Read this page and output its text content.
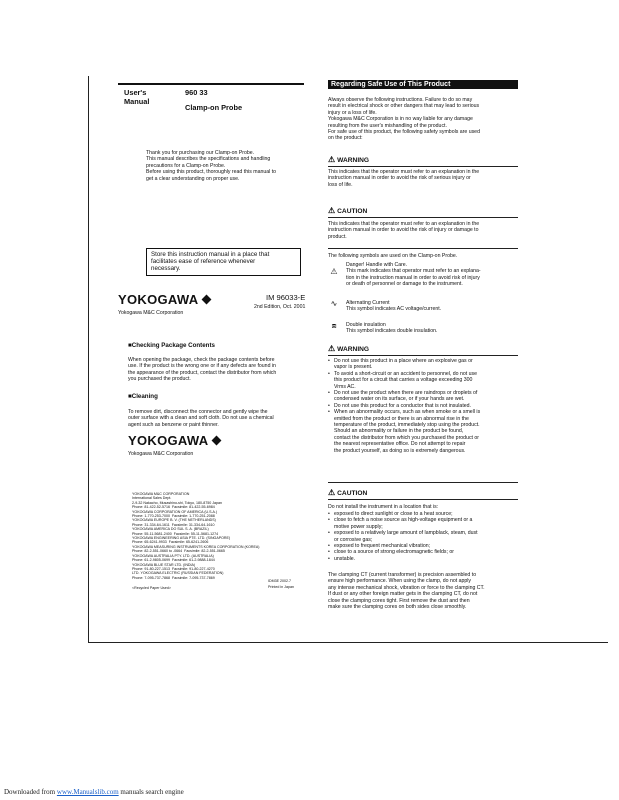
User's
Manual
960 33
Clamp-on Probe
Thank you for purchasing our Clamp-on Probe.
This manual describes the specifications and handling
precautions for a Clamp-on Probe.
Before using this product, thoroughly read this manual to
get a clear understanding on proper use.
Store this instruction manual in a place that
facilitates ease of reference whenever
necessary.
YOKOGAWA
Yokogawa M&C Corporation
IM 96033-E
2nd Edition, Oct. 2001
■Checking Package Contents
When opening the package, check the package contents before
use. If the product is the wrong one or if any defects are found in
the appearance of the product, contact the distributor from which
you purchased the product.
■Cleaning
To remove dirt, disconnect the connector and gently wipe the
outer surface with a clean and soft cloth. Do not use a chemical
agent such as benzene or paint thinner.
YOKOGAWA
Yokogawa M&C Corporation
YOKOGAWA M&C CORPORATION
International Sales Dept.
2-9-32 Nakacho, Musashino-shi, Tokyo, 180-8750 Japan
Phone: 81-422-52-5716  Facsimile: 81-422-55-6984
YOKOGAWA CORPORATION OF AMERICA (U.S.A.)
Phone: 1-770-253-7000  Facsimile: 1-770-251-2088
YOKOGAWA EUROPE B. V. (THE NETHERLANDS)
Phone: 31-334-64-1611  Facsimile: 31-334-64-1610
YOKOGAWA AMERICA DO SUL S. A. (BRAZIL)
Phone: 55-11-5681-2400  Facsimile: 55-11-5681-1274
YOKOGAWA ENGINEERING ASIA PTE. LTD. (SINGAPORE)
Phone: 65-6241-9933  Facsimile: 65-6241-2606
YOKOGAWA MEASURING INSTRUMENTS KOREA CORPORATION (KOREA)
Phone: 82-2-551-0660 to -0664  Facsimile: 82-2-551-0665
YOKOGAWA AUSTRALIA PTY. LTD. (AUSTRALIA)
Phone: 61-2-9805-0699  Facsimile: 61-2-9888-1844
YOKOGAWA BLUE STAR LTD. (INDIA)
Phone: 91-80-227-1513  Facsimile: 91-80-227-4270
LTD. YOKOGAWA ELECTRIC (RUSSIAN FEDERATION)
Phone: 7-095-737-7868  Facsimile: 7-095-737-7869
<Recycled Paper Used>
IDM3E 2002.7
Printed in Japan
Regarding Safe Use of This Product
Always observe the following instructions. Failure to do so may
result in electrical shock or other dangers that may lead to serious
injury or a loss of life.
Yokogawa M&C Corporation is in no way liable for any damage
resulting from the user's mishandling of the product.
For safe use of this product, the following safety symbols are used
on the product:
⚠ WARNING
This indicates that the operator must refer to an explanation in the
instruction manual in order to avoid the risk of serious injury or
loss of life.
⚠ CAUTION
This indicates that the operator must refer to an explanation in the
instruction manual in order to avoid the risk of injury or damage to
product.
The following symbols are used on the Clamp-on Probe.
⚠
Danger! Handle with Care.
This mark indicates that operator must refer to an explana-
tion in the instruction manual in order to avoid risk of injury
or death of personnel or damage to the instrument.
∿	Alternating Current
This symbol indicates AC voltage/current.
⧈	Double insulation
This symbol indicates double insulation.
⚠ WARNING
• Do not use this product in a place where an explosive gas or
vapor is present.
• To avoid a short-circuit or an accident to personnel, do not use
this product for a circuit that carries a voltage exceeding 300
Vrms AC.
• Do not use the product when there are raindrops or droplets of
condensed water on its surface, or if your hands are wet.
• Do not use this product for a conductor that is not insulated.
• When an abnormality occurs, such as when smoke or a smell is
emitted from the product or there is an abnormal rise in the
temperature of the product, immediately stop using the product.
Should an abnormality or failure in the product be found,
contact the distributor from which you purchased the product or
the nearest representative office. Do not attempt to repair
the product yourself, as doing so is extremely dangerous.
⚠ CAUTION
Do not install the instrument in a location that is:
• exposed to direct sunlight or close to a heat source;
• close to fetch a noise source as high-voltage equipment or a
motive power supply;
• exposed to a relatively large amount of lampblack, steam, dust
or corrosive gas;
• exposed to frequent mechanical vibration;
• close to a source of strong electromagnetic fields; or
• unstable.
The clamping CT (current transformer) is precision assembled to
ensure high performance. When using the clamp, do not apply
any intense mechanical shock, vibration or force to the clamping CT.
If dust or any other foreign matter gets in the clamping CT, do not
close the clamping cores tight. First remove the dust and then
make sure the clamping cores on both sides close smoothly.
Downloaded from www.Manualslib.com manuals search engine
